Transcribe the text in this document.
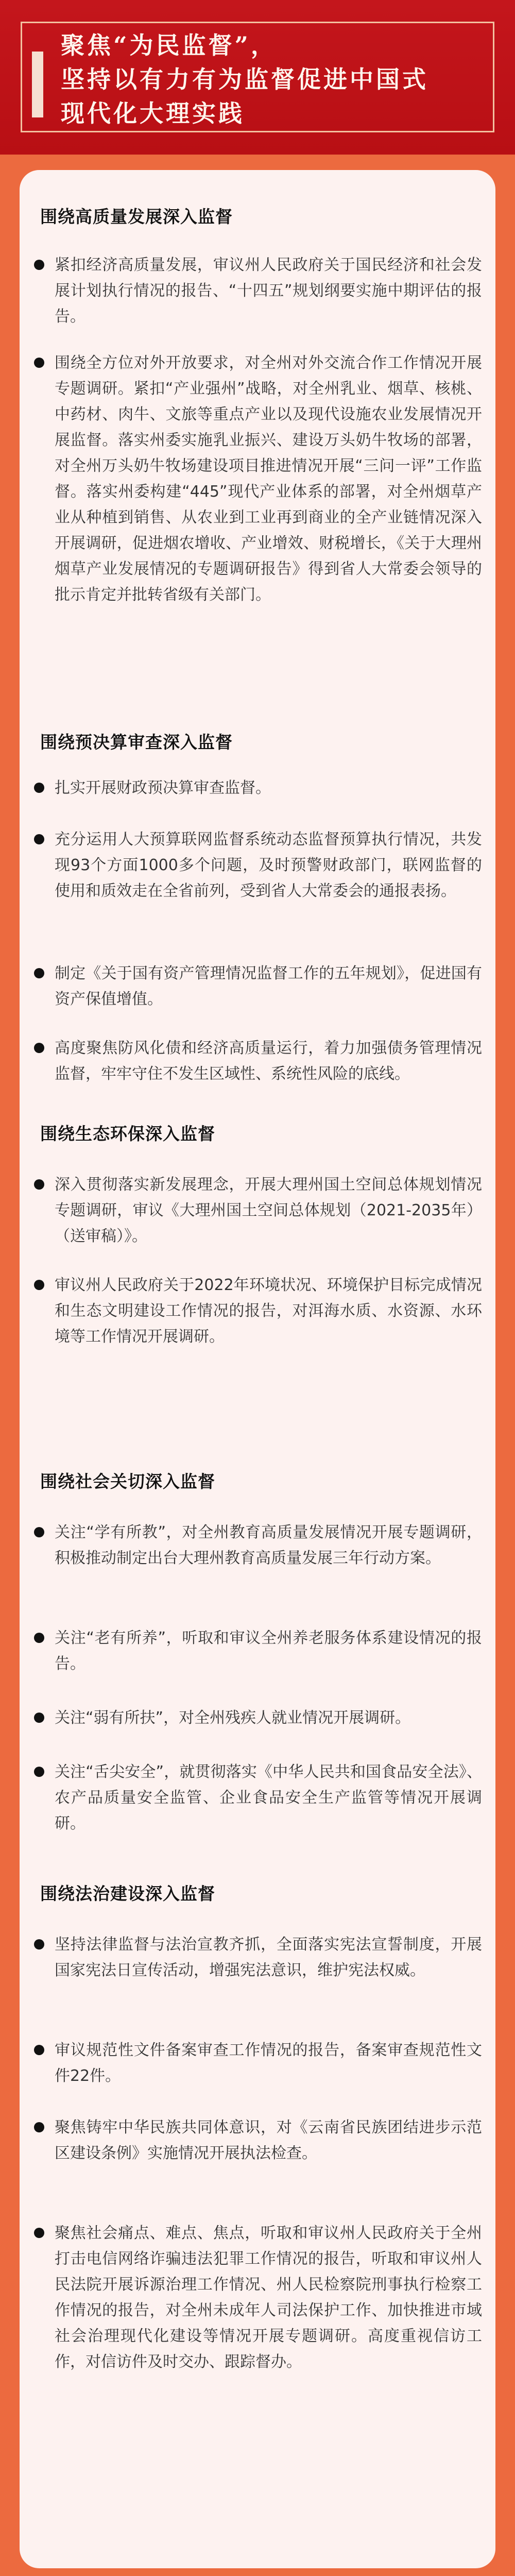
聚焦“为民监督”，
坚持以有力有为监督促进中国式
现代化大理实践
围绕高质量发展深入监督
紧扣经济高质量发展，审议州人民政府关于国民经济和社会发展计划执行情况的报告、“十四五”规划纲要实施中期评估的报告。
围绕全方位对外开放要求，对全州对外交流合作工作情况开展专题调研。紧扣“产业强州”战略，对全州乳业、烟草、核桃、中药材、肉牛、文旅等重点产业以及现代设施农业发展情况开展监督。落实州委实施乳业振兴、建设万头奶牛牧场的部署，对全州万头奶牛牧场建设项目推进情况开展“三问一评”工作监督。落实州委构建“445”现代产业体系的部署，对全州烟草产业从种植到销售、从农业到工业再到商业的全产业链情况深入开展调研，促进烟农增收、产业增效、财税增长，《关于大理州烟草产业发展情况的专题调研报告》得到省人大常委会领导的批示肯定并批转省级有关部门。
围绕预决算审查深入监督
扎实开展财政预决算审查监督。
充分运用人大预算联网监督系统动态监督预算执行情况，共发现93个方面1000多个问题，及时预警财政部门，联网监督的使用和质效走在全省前列，受到省人大常委会的通报表扬。
制定《关于国有资产管理情况监督工作的五年规划》，促进国有资产保值增值。
高度聚焦防风化债和经济高质量运行，着力加强债务管理情况监督，牢牢守住不发生区域性、系统性风险的底线。
围绕生态环保深入监督
深入贯彻落实新发展理念，开展大理州国土空间总体规划情况专题调研，审议《大理州国土空间总体规划（2021-2035年）（送审稿）》。
审议州人民政府关于2022年环境状况、环境保护目标完成情况和生态文明建设工作情况的报告，对洱海水质、水资源、水环境等工作情况开展调研。
围绕社会关切深入监督
关注“学有所教”，对全州教育高质量发展情况开展专题调研，积极推动制定出台大理州教育高质量发展三年行动方案。
关注“老有所养”，听取和审议全州养老服务体系建设情况的报告。
关注“弱有所扶”，对全州残疾人就业情况开展调研。
关注“舌尖安全”，就贯彻落实《中华人民共和国食品安全法》、农产品质量安全监管、企业食品安全生产监管等情况开展调研。
围绕法治建设深入监督
坚持法律监督与法治宣教齐抓，全面落实宪法宣誓制度，开展国家宪法日宣传活动，增强宪法意识，维护宪法权威。
审议规范性文件备案审查工作情况的报告，备案审查规范性文件22件。
聚焦铸牢中华民族共同体意识，对《云南省民族团结进步示范区建设条例》实施情况开展执法检查。
聚焦社会痛点、难点、焦点，听取和审议州人民政府关于全州打击电信网络诈骗违法犯罪工作情况的报告，听取和审议州人民法院开展诉源治理工作情况、州人民检察院刑事执行检察工作情况的报告，对全州未成年人司法保护工作、加快推进市域社会治理现代化建设等情况开展专题调研。高度重视信访工作，对信访件及时交办、跟踪督办。
